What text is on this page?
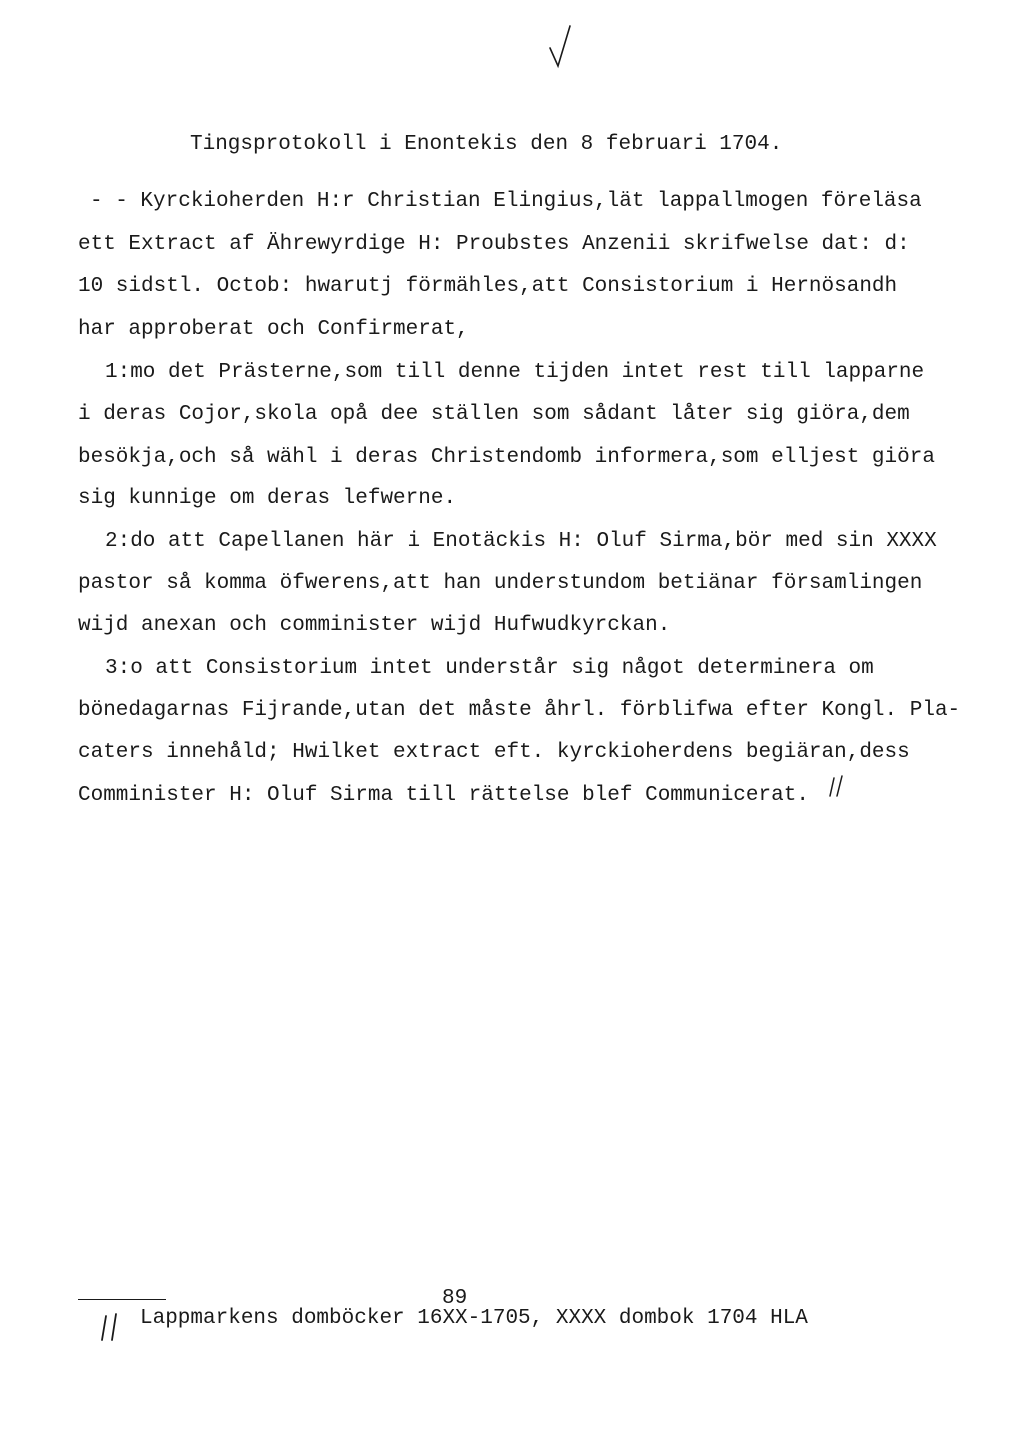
Tingsprotokoll i Enontekis den 8 februari 1704.
- - Kyrckioherden H:r Christian Elingius,lät lappallmogen föreläsa
ett Extract af Ährewyrdige H: Proubstes Anzenii skrifwelse dat: d:
10 sidstl. Octob: hwarutj förmähles,att Consistorium i Hernösandh
har approberat och Confirmerat,
1:mo det Prästerne,som till denne tijden intet rest till lapparne
i deras Cojor,skola opå dee ställen som sådant låter sig giöra,dem
besökja,och så wähl i deras Christendomb informera,som elljest giöra
sig kunnige om deras lefwerne.
2:do att Capellanen här i Enotäckis H: Oluf Sirma,bör med sin XXXX
pastor så komma öfwerens,att han understundom betiänar församlingen
wijd anexan och comminister wijd Hufwudkyrckan.
3:o att Consistorium intet understår sig något determinera om
bönedagarnas Fijrande,utan det måste åhrl. förblifwa efter Kongl. Pla-
caters innehåld; Hwilket extract eft. kyrckioherdens begiäran,dess
Comminister H: Oluf Sirma till rättelse blef Communicerat.
89
Lappmarkens domböcker 16XX-1705, XXXX dombok 1704 HLA
